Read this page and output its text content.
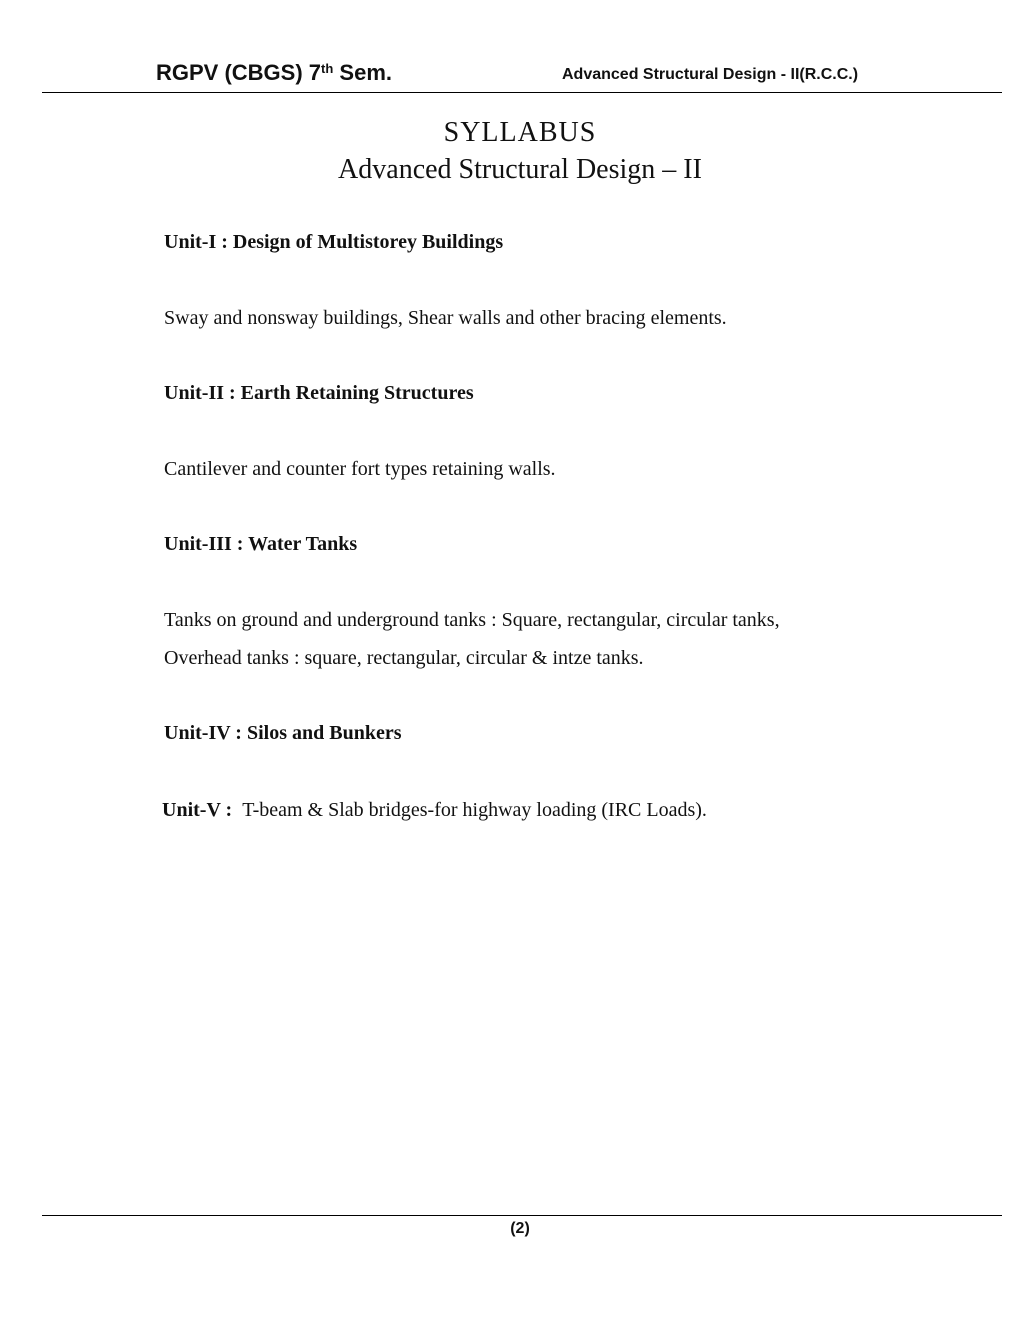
RGPV (CBGS) 7th Sem.	Advanced Structural Design - II(R.C.C.)
SYLLABUS
Advanced Structural Design – II
Unit-I : Design of Multistorey Buildings
Sway and nonsway buildings, Shear walls and other bracing elements.
Unit-II : Earth Retaining Structures
Cantilever and counter fort types retaining walls.
Unit-III : Water Tanks
Tanks on ground and underground tanks : Square, rectangular, circular tanks,
Overhead tanks : square, rectangular, circular & intze tanks.
Unit-IV : Silos and Bunkers
Unit-V : T-beam & Slab bridges-for highway loading (IRC Loads).
(2)
